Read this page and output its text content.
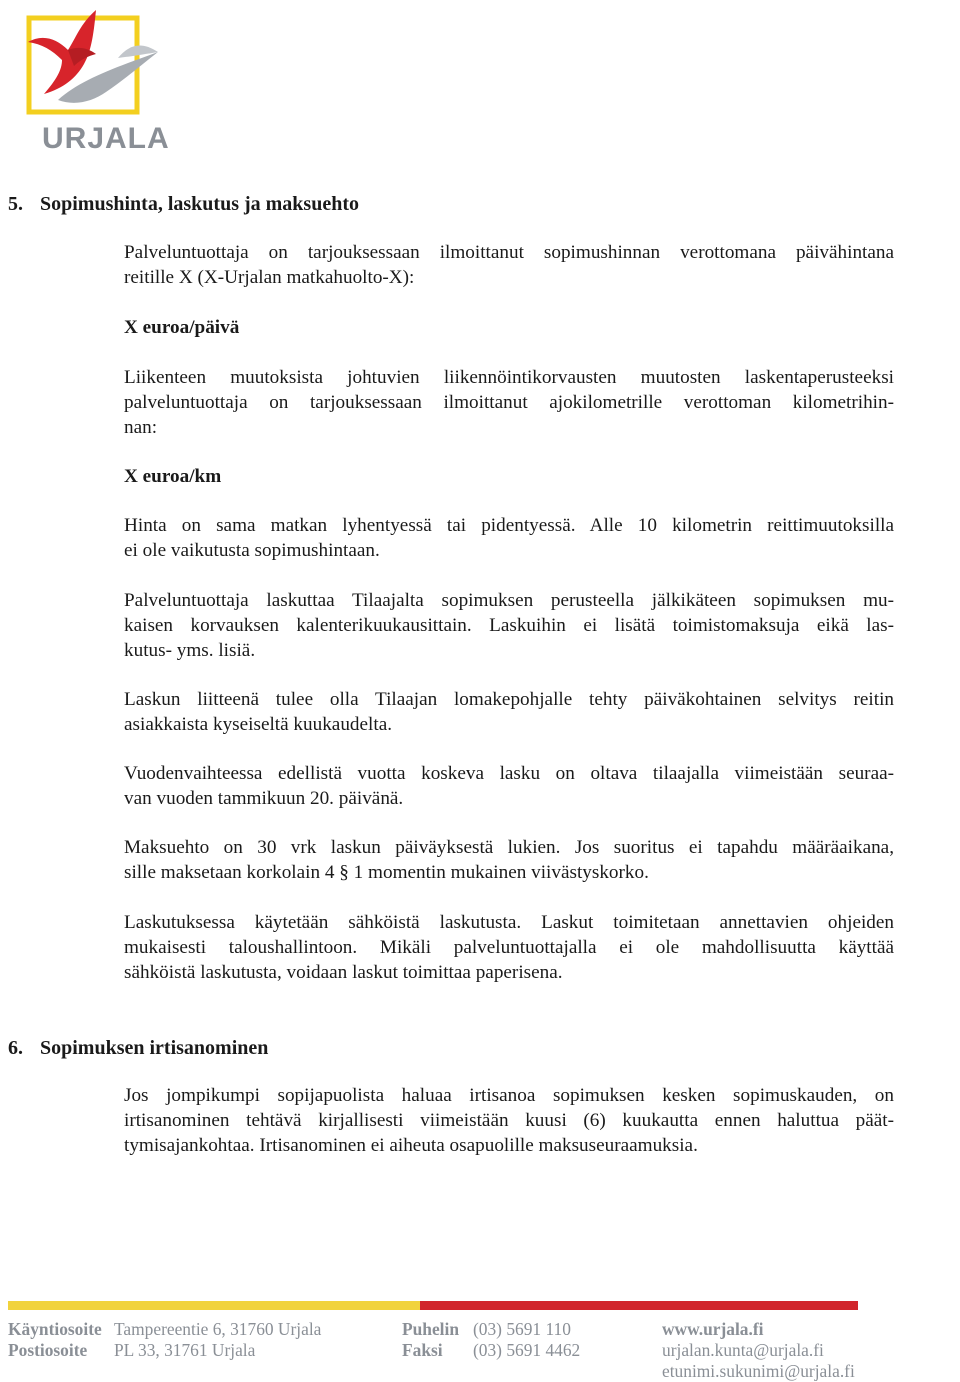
URJALA
5. Sopimushinta, laskutus ja maksuehto

Palveluntuottaja on tarjouksessaan ilmoittanut sopimushinnan verottomana päivähintana
reitille X (X-Urjalan matkahuolto-X):

X euroa/päivä

Liikenteen muutoksista johtuvien liikennöintikorvausten muutosten laskentaperusteeksi
palveluntuottaja on tarjouksessaan ilmoittanut ajokilometrille verottoman kilometrihin-
nan:

X euroa/km

Hinta on sama matkan lyhentyessä tai pidentyessä. Alle 10 kilometrin reittimuutoksilla
ei ole vaikutusta sopimushintaan.

Palveluntuottaja laskuttaa Tilaajalta sopimuksen perusteella jälkikäteen sopimuksen mu-
kaisen korvauksen kalenterikuukausittain. Laskuihin ei lisätä toimistomaksuja eikä las-
kutus- yms. lisiä.

Laskun liitteenä tulee olla Tilaajan lomakepohjalle tehty päiväkohtainen selvitys reitin
asiakkaista kyseiseltä kuukaudelta.

Vuodenvaihteessa edellistä vuotta koskeva lasku on oltava tilaajalla viimeistään seuraa-
van vuoden tammikuun 20. päivänä.

Maksuehto on 30 vrk laskun päiväyksestä lukien. Jos suoritus ei tapahdu määräaikana,
sille maksetaan korkolain 4 § 1 momentin mukainen viivästyskorko.

Laskutuksessa käytetään sähköistä laskutusta. Laskut toimitetaan annettavien ohjeiden
mukaisesti taloushallintoon. Mikäli palveluntuottajalla ei ole mahdollisuutta käyttää
sähköistä laskutusta, voidaan laskut toimittaa paperisena.

6. Sopimuksen irtisanominen

Jos jompikumpi sopijapuolista haluaa irtisanoa sopimuksen kesken sopimuskauden, on
irtisanominen tehtävä kirjallisesti viimeistään kuusi (6) kuukautta ennen haluttua päät-
tymisajankohtaa. Irtisanominen ei aiheuta osapuolille maksuseuraamuksia.

Käyntiosoite Tampereentie 6, 31760 Urjala
Postiosoite PL 33, 31761 Urjala
Puhelin (03) 5691 110
Faksi (03) 5691 4462
www.urjala.fi
urjalan.kunta@urjala.fi
etunimi.sukunimi@urjala.fi
